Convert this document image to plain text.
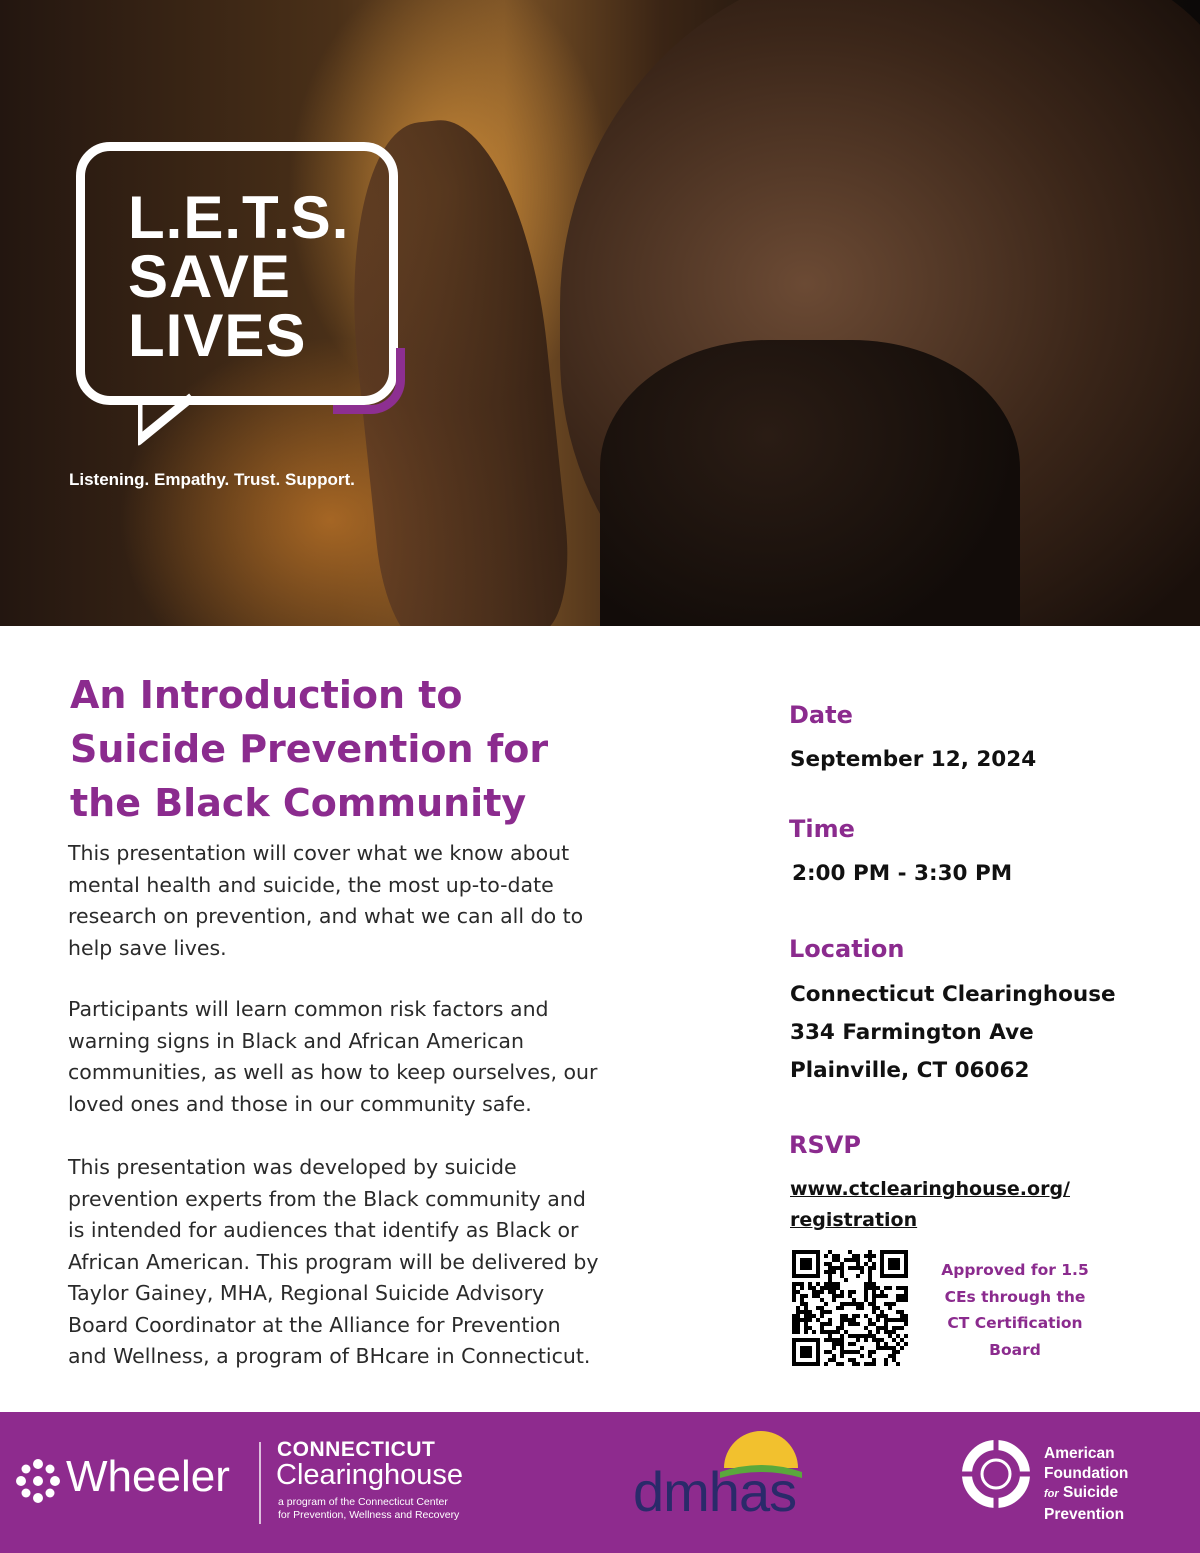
L.E.T.S.
SAVE
LIVES
Listening. Empathy. Trust. Support.
An Introduction to
Suicide Prevention for
the Black Community

This presentation will cover what we know about
mental health and suicide, the most up-to-date
research on prevention, and what we can all do to
help save lives.

Participants will learn common risk factors and
warning signs in Black and African American
communities, as well as how to keep ourselves, our
loved ones and those in our community safe.

This presentation was developed by suicide
prevention experts from the Black community and
is intended for audiences that identify as Black or
African American. This program will be delivered by
Taylor Gainey, MHA, Regional Suicide Advisory
Board Coordinator at the Alliance for Prevention
and Wellness, a program of BHcare in Connecticut.

Date
September 12, 2024
Time
2:00 PM - 3:30 PM
Location
Connecticut Clearinghouse
334 Farmington Ave
Plainville, CT 06062
RSVP
www.ctclearinghouse.org/
registration
Approved for 1.5
CEs through the
CT Certification
Board
Wheeler
CONNECTICUT
Clearinghouse
a program of the Connecticut Center
for Prevention, Wellness and Recovery	dmhas
American
Foundation
for Suicide
Prevention
